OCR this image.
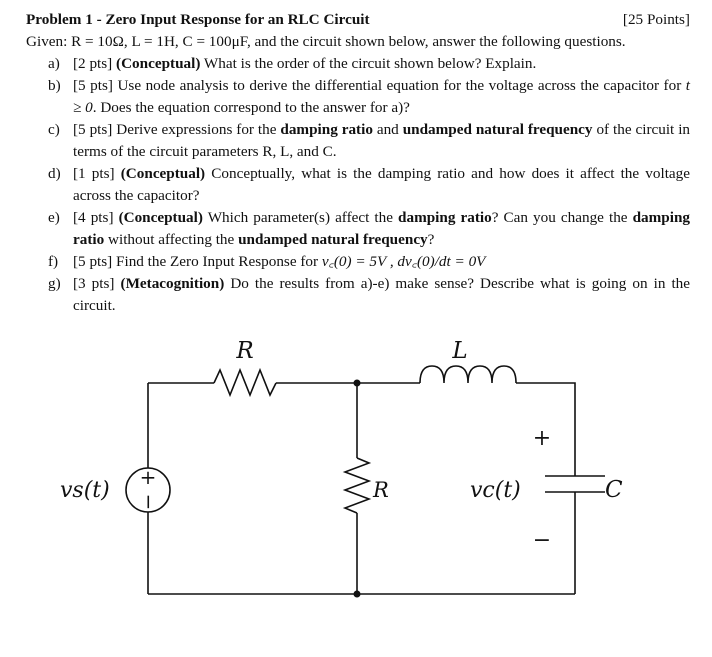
Problem 1 - Zero Input Response for an RLC Circuit	[25 Points]
Given: R = 10Ω, L = 1H, C = 100μF, and the circuit shown below, answer the following questions.
a) [2 pts] (Conceptual) What is the order of the circuit shown below? Explain.
b) [5 pts] Use node analysis to derive the differential equation for the voltage across the capacitor for t ≥ 0. Does the equation correspond to the answer for a)?
c) [5 pts] Derive expressions for the damping ratio and undamped natural frequency of the circuit in terms of the circuit parameters R, L, and C.
d) [1 pts] (Conceptual) Conceptually, what is the damping ratio and how does it affect the voltage across the capacitor?
e) [4 pts] (Conceptual) Which parameter(s) affect the damping ratio? Can you change the damping ratio without affecting the undamped natural frequency?
f) [5 pts] Find the Zero Input Response for v꜀(0) = 5V , dv꜀(0)/dt = 0V
g) [3 pts] (Metacognition) Do the results from a)-e) make sense? Describe what is going on in the circuit.
+
−
vs(t)
R	L
R	vc(t)
+
−
C
